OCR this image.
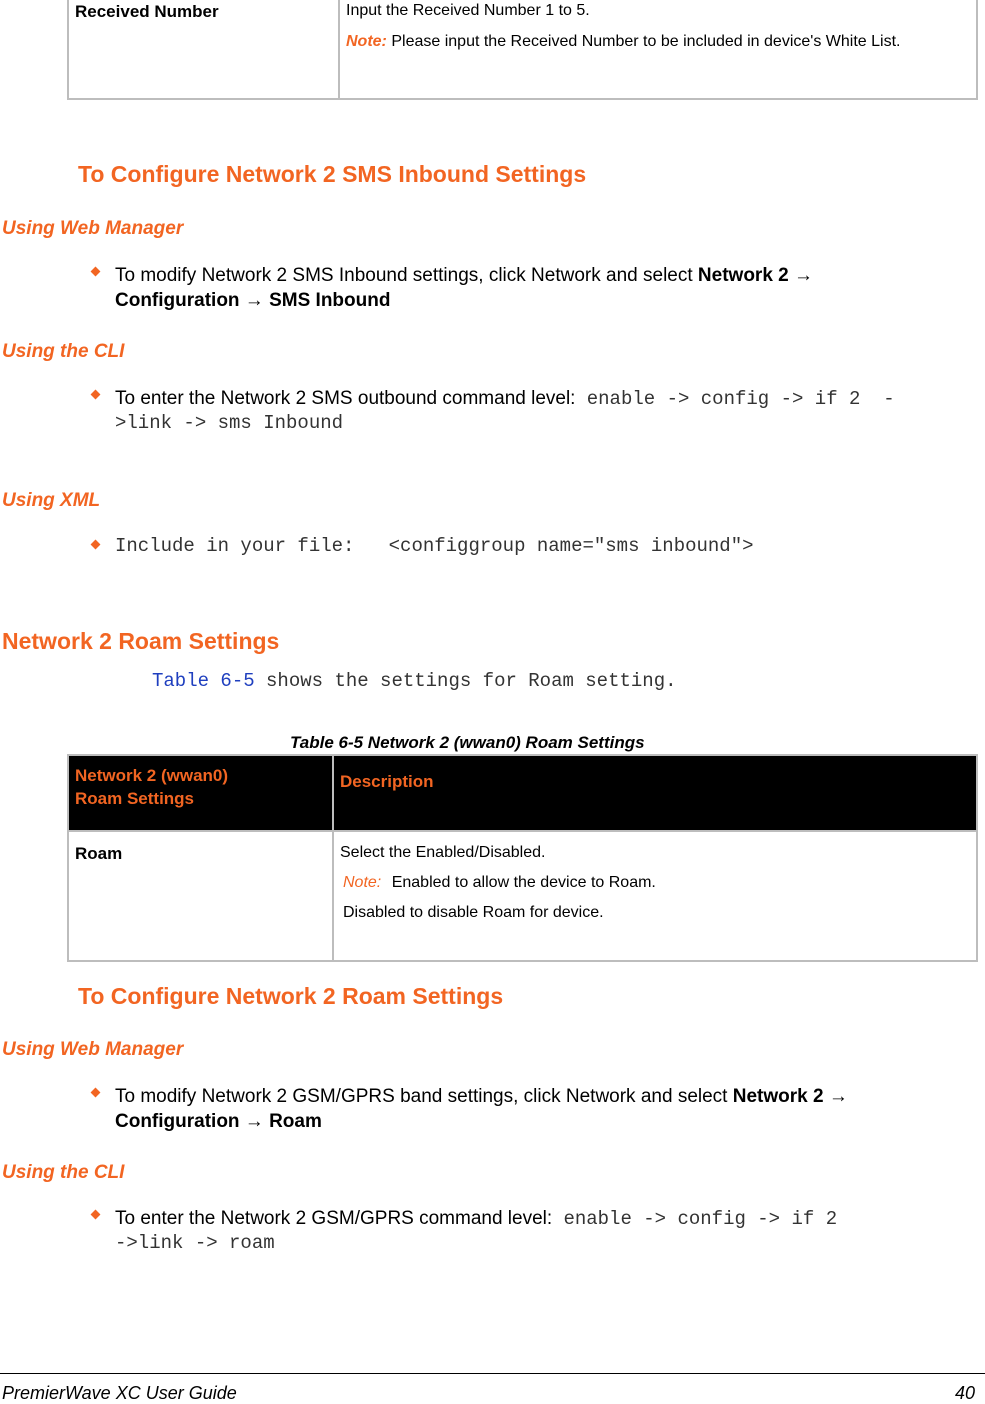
Received Number	Input the Received Number 1 to 5.
Note: Please input the Received Number to be included in device's White List.
To Configure Network 2 SMS Inbound Settings
Using Web Manager
To modify Network 2 SMS Inbound settings, click Network and select Network 2 → Configuration → SMS Inbound
Using the CLI
To enter the Network 2 SMS outbound command level: enable -> config -> if 2  -
>link -> sms Inbound
Using XML
Include in your file:   <configgroup name="sms inbound">
Network 2 Roam Settings
Table 6-5 shows the settings for Roam setting.
Table 6-5 Network 2 (wwan0) Roam Settings
Network 2 (wwan0)
Roam Settings	Description

Roam	Select the Enabled/Disabled.
Note: Enabled to allow the device to Roam.
Disabled to disable Roam for device.
To Configure Network 2 Roam Settings
Using Web Manager
To modify Network 2 GSM/GPRS band settings, click Network and select Network 2 →
Configuration → Roam
Using the CLI
To enter the Network 2 GSM/GPRS command level: enable -> config -> if 2
->link -> roam
PremierWave XC User Guide	40
